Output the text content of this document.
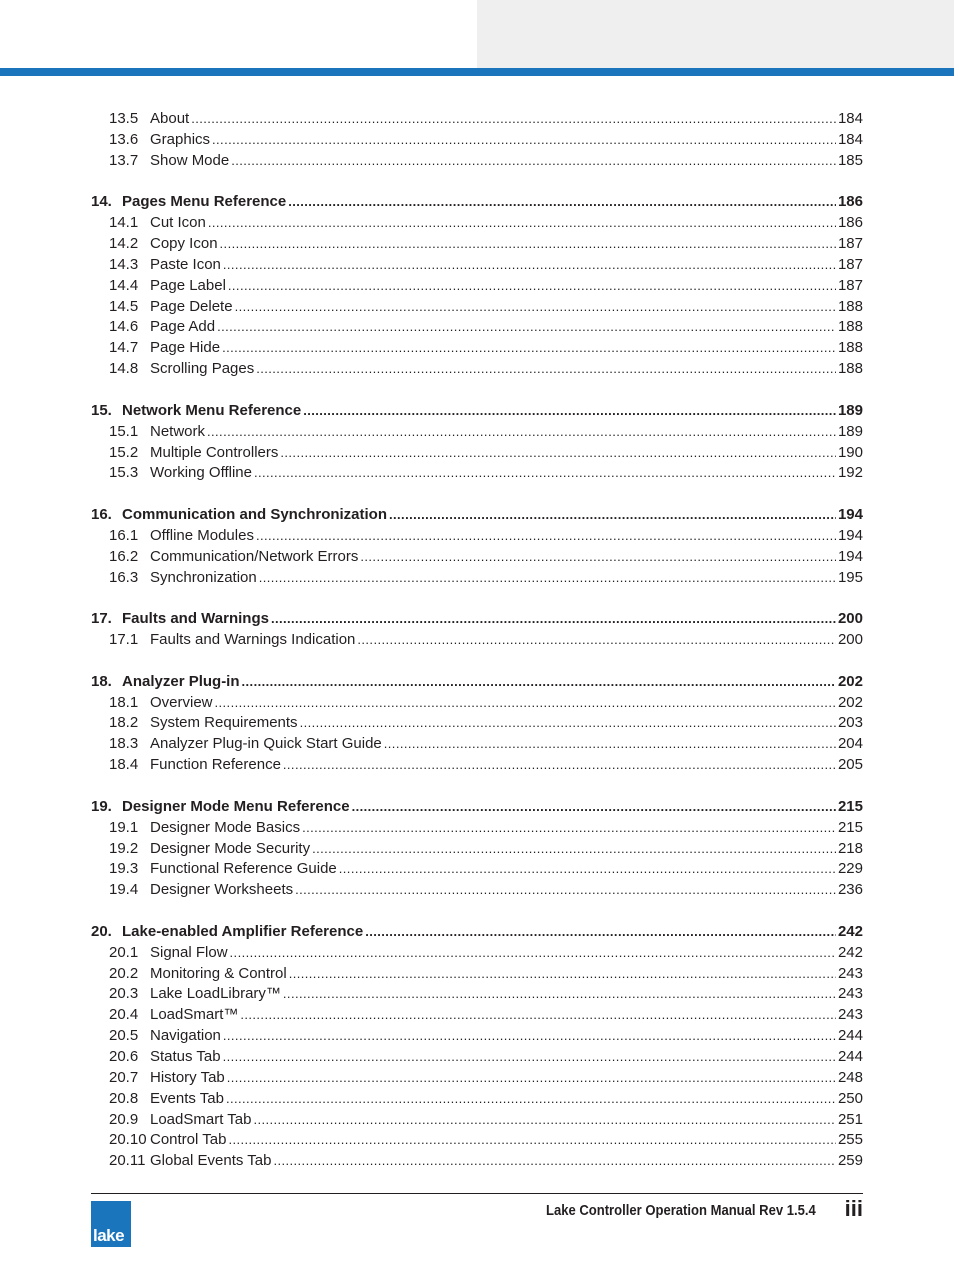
13.5 About .....	184
13.6 Graphics .....	184
13.7 Show Mode .....	185
14. Pages Menu Reference .....	186
14.1 Cut Icon .....	186
14.2 Copy Icon .....	187
14.3 Paste Icon .....	187
14.4 Page Label .....	187
14.5 Page Delete .....	188
14.6 Page Add .....	188
14.7 Page Hide .....	188
14.8 Scrolling Pages .....	188
15. Network Menu Reference .....	189
15.1 Network .....	189
15.2 Multiple Controllers .....	190
15.3 Working Offline .....	192
16. Communication and Synchronization .....	194
16.1 Offline Modules .....	194
16.2 Communication/Network Errors .....	194
16.3 Synchronization .....	195
17. Faults and Warnings .....	200
17.1 Faults and Warnings Indication .....	200
18. Analyzer Plug-in .....	202
18.1 Overview .....	202
18.2 System Requirements .....	203
18.3 Analyzer Plug-in Quick Start Guide .....	204
18.4 Function Reference .....	205
19. Designer Mode Menu Reference .....	215
19.1 Designer Mode Basics .....	215
19.2 Designer Mode Security .....	218
19.3 Functional Reference Guide .....	229
19.4 Designer Worksheets .....	236
20. Lake-enabled Amplifier Reference .....	242
20.1 Signal Flow .....	242
20.2 Monitoring & Control .....	243
20.3 Lake LoadLibrary™ .....	243
20.4 LoadSmart™ .....	243
20.5 Navigation .....	244
20.6 Status Tab .....	244
20.7 History Tab .....	248
20.8 Events Tab .....	250
20.9 LoadSmart Tab .....	251
20.10 Control Tab .....	255
20.11 Global Events Tab .....	259
lake
Lake Controller Operation Manual Rev 1.5.4 iii
